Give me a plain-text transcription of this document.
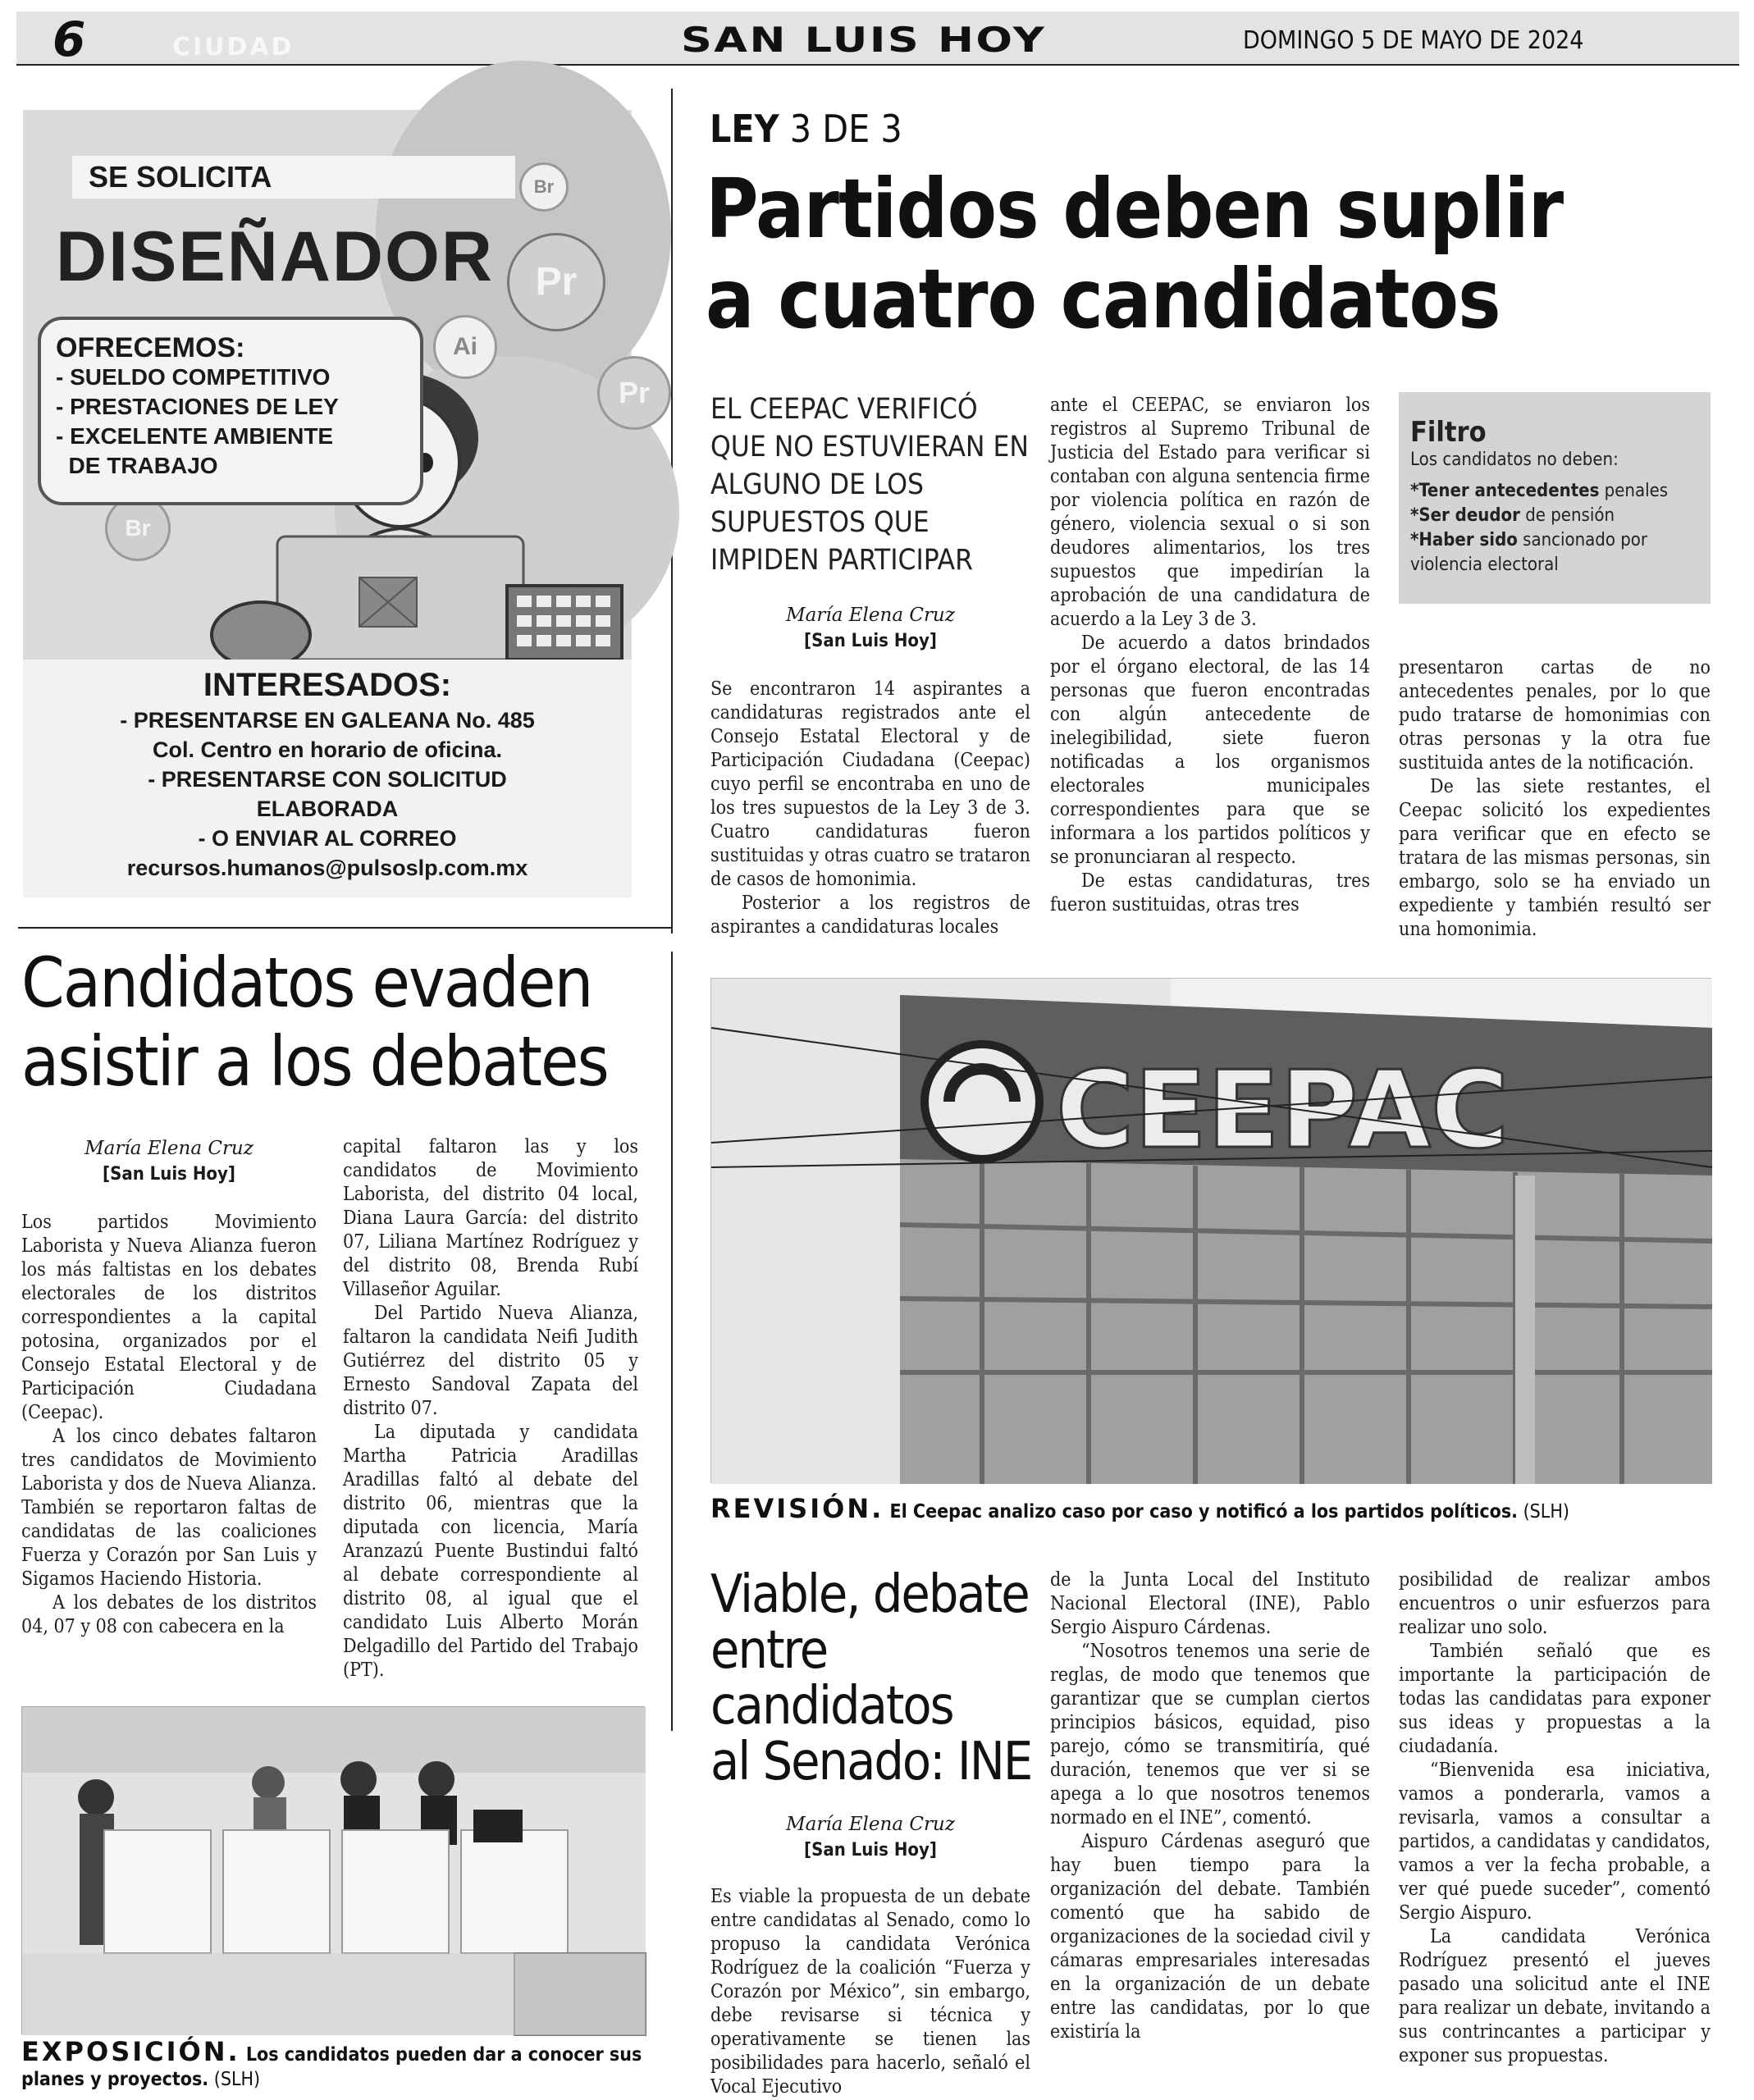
6	CIUDAD	SAN LUIS HOY	DOMINGO 5 DE MAYO DE 2024
Br
Pr
Ai
Pr
Br
SE SOLICITA
DISEÑADOR
OFRECEMOS:
- SUELDO COMPETITIVO
- PRESTACIONES DE LEY
- EXCELENTE AMBIENTE
DE TRABAJO
INTERESADOS:
- PRESENTARSE EN GALEANA No. 485
Col. Centro en horario de oficina.
- PRESENTARSE CON SOLICITUD
ELABORADA
- O ENVIAR AL CORREO
recursos.humanos@pulsoslp.com.mx
LEY 3 DE 3
Partidos deben suplir
a cuatro candidatos
EL CEEPAC VERIFICÓ QUE NO ESTUVIERAN EN ALGUNO DE LOS SUPUESTOS QUE IMPIDEN PARTICIPAR
María Elena Cruz
[San Luis Hoy]

Se encontraron 14 aspirantes a candidaturas registrados ante el Consejo Estatal Electoral y de Participación Ciudadana (Ceepac) cuyo perfil se encontraba en uno de los tres supuestos de la Ley 3 de 3. Cuatro candidaturas fueron sustituidas y otras cuatro se trataron de casos de homonimia.

Posterior a los registros de aspirantes a candidaturas locales

ante el CEEPAC, se enviaron los registros al Supremo Tribunal de Justicia del Estado para verificar si contaban con alguna sentencia firme por violencia política en razón de género, violencia sexual o si son deudores alimentarios, los tres supuestos que impedirían la aprobación de una candidatura de acuerdo a la Ley 3 de 3.

De acuerdo a datos brindados por el órgano electoral, de las 14 personas que fueron encontradas con algún antecedente de inelegibilidad, siete fueron notificadas a los organismos electorales municipales correspondientes para que se informara a los partidos políticos y se pronunciaran al respecto.

De estas candidaturas, tres fueron sustituidas, otras tres

Filtro
Los candidatos no deben:
*Tener antecedentes penales
*Ser deudor de pensión
*Haber sido sancionado por violencia electoral

presentaron cartas de no antecedentes penales, por lo que pudo tratarse de homonimias con otras personas y la otra fue sustituida antes de la notificación.

De las siete restantes, el Ceepac solicitó los expedientes para verificar que en efecto se tratara de las mismas personas, sin embargo, solo se ha enviado un expediente y también resultó ser una homonimia.

CEEPAC
REVISIÓN. El Ceepac analizo caso por caso y notificó a los partidos políticos. (SLH)
Candidatos evaden
asistir a los debates
María Elena Cruz
[San Luis Hoy]

Los partidos Movimiento Laborista y Nueva Alianza fueron los más faltistas en los debates electorales de los distritos correspondientes a la capital potosina, organizados por el Consejo Estatal Electoral y de Participación Ciudadana (Ceepac).

A los cinco debates faltaron tres candidatos de Movimiento Laborista y dos de Nueva Alianza. También se reportaron faltas de candidatas de las coaliciones Fuerza y Corazón por San Luis y Sigamos Haciendo Historia.

A los debates de los distritos 04, 07 y 08 con cabecera en la

capital faltaron las y los candidatos de Movimiento Laborista, del distrito 04 local, Diana Laura García: del distrito 07, Liliana Martínez Rodríguez y del distrito 08, Brenda Rubí Villaseñor Aguilar.

Del Partido Nueva Alianza, faltaron la candidata Neifi Judith Gutiérrez del distrito 05 y Ernesto Sandoval Zapata del distrito 07.

La diputada y candidata Martha Patricia Aradillas Aradillas faltó al debate del distrito 06, mientras que la diputada con licencia, María Aranzazú Puente Bustindui faltó al debate correspondiente al distrito 08, al igual que el candidato Luis Alberto Morán Delgadillo del Partido del Trabajo (PT).

EXPOSICIÓN. Los candidatos pueden dar a conocer sus planes y proyectos. (SLH)
Viable, debate
entre
candidatos
al Senado: INE
María Elena Cruz
[San Luis Hoy]

Es viable la propuesta de un debate entre candidatas al Senado, como lo propuso la candidata Verónica Rodríguez de la coalición “Fuerza y Corazón por México”, sin embargo, debe revisarse si técnica y operativamente se tienen las posibilidades para hacerlo, señaló el Vocal Ejecutivo

de la Junta Local del Instituto Nacional Electoral (INE), Pablo Sergio Aispuro Cárdenas.

“Nosotros tenemos una serie de reglas, de modo que tenemos que garantizar que se cumplan ciertos principios básicos, equidad, piso parejo, cómo se transmitiría, qué duración, tenemos que ver si se apega a lo que nosotros tenemos normado en el INE”, comentó.

Aispuro Cárdenas aseguró que hay buen tiempo para la organización del debate. También comentó que ha sabido de organizaciones de la sociedad civil y cámaras empresariales interesadas en la organización de un debate entre las candidatas, por lo que existiría la

posibilidad de realizar ambos encuentros o unir esfuerzos para realizar uno solo.

También señaló que es importante la participación de todas las candidatas para exponer sus ideas y propuestas a la ciudadanía.

“Bienvenida esa iniciativa, vamos a ponderarla, vamos a revisarla, vamos a consultar a partidos, a candidatas y candidatos, vamos a ver la fecha probable, a ver qué puede suceder”, comentó Sergio Aispuro.

La candidata Verónica Rodríguez presentó el jueves pasado una solicitud ante el INE para realizar un debate, invitando a sus contrincantes a participar y exponer sus propuestas.
